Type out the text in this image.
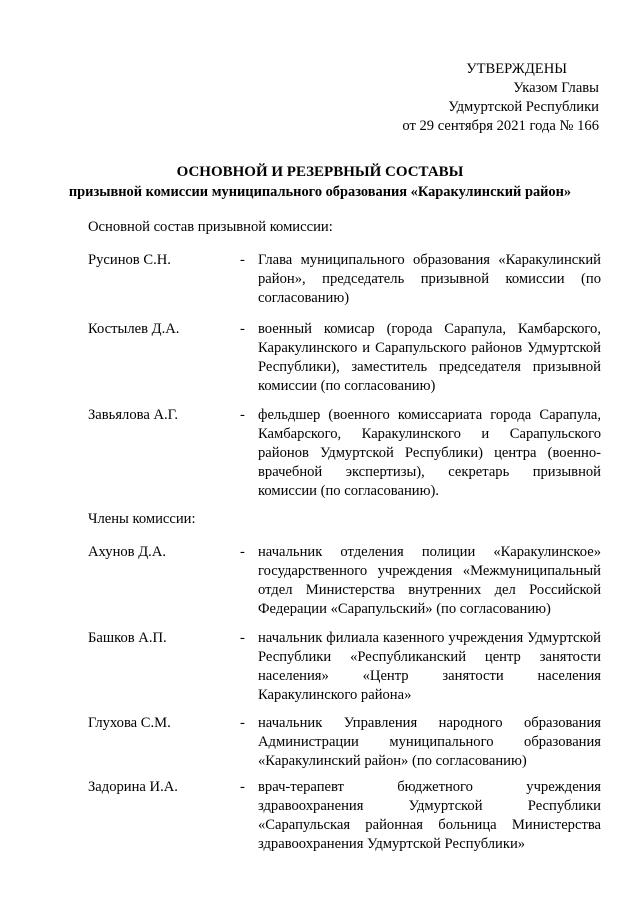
УТВЕРЖДЕНЫ
Указом Главы
Удмуртской Республики
от 29 сентября 2021 года № 166
ОСНОВНОЙ И РЕЗЕРВНЫЙ СОСТАВЫ
призывной комиссии муниципального образования «Каракулинский район»
Основной состав призывной комиссии:
Русинов С.Н.	- Глава муниципального образования «Каракулинский район», председатель призывной комиссии (по согласованию)
Костылев Д.А.	- военный комисар (города Сарапула, Камбарского, Каракулинского и Сарапульского районов Удмуртской Республики), заместитель председателя призывной комиссии (по согласованию)
Завьялова А.Г.	- фельдшер (военного комиссариата города Сарапула, Камбарского, Каракулинского и Сарапульского районов Удмуртской Республики) центра (военно-врачебной экспертизы), секретарь призывной комиссии (по согласованию).
Члены комиссии:
Ахунов Д.А.	- начальник отделения полиции «Каракулинское» государственного учреждения «Межмуниципальный отдел Министерства внутренних дел Российской Федерации «Сарапульский» (по согласованию)
Башков А.П.	- начальник филиала казенного учреждения Удмуртской Республики «Республиканский центр занятости населения» «Центр занятости населения Каракулинского района»
Глухова С.М.	- начальник Управления народного образования Администрации муниципального образования «Каракулинский район» (по согласованию)
Задорина И.А.	- врач-терапевт бюджетного учреждения здравоохранения Удмуртской Республики «Сарапульская районная больница Министерства здравоохранения Удмуртской Республики»
